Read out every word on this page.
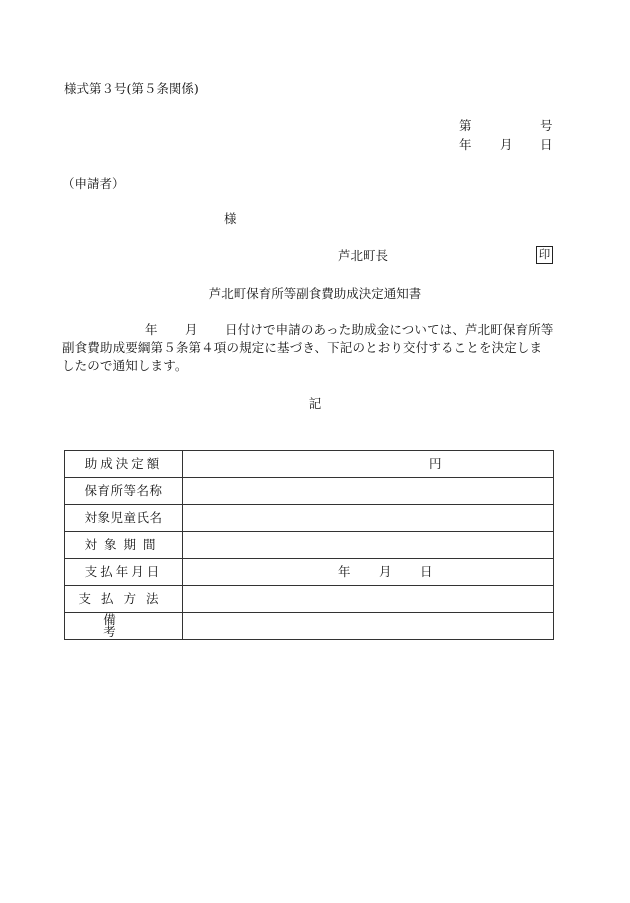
様式第３号(第５条関係)
第	号
年 月 日
（申請者）
様
芦北町長	印
芦北町保育所等副食費助成決定通知書
年 月 日付けで申請のあった助成金については、芦北町保育所等
副食費助成要綱第５条第４項の規定に基づき、下記のとおり交付することを決定しま
したので通知します。
記
助成決定額	円

保育所等名称	
対象児童氏名	
対象期間	
支払年月日	年 月 日

支払方法	
備考	
